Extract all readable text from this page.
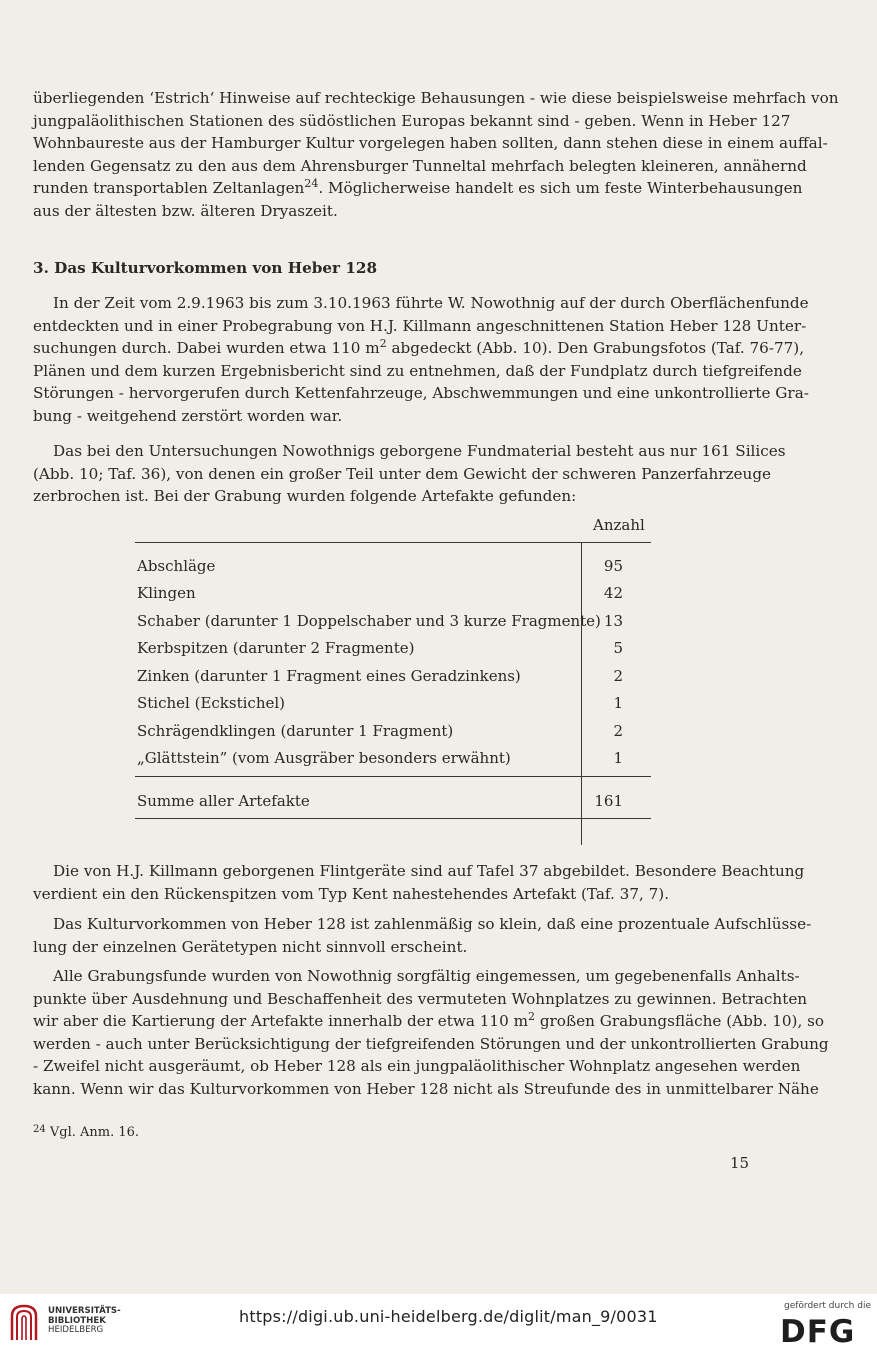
überliegenden ‘Estrich‘ Hinweise auf rechteckige Behausungen - wie diese beispielsweise mehrfach von
jungpaläolithischen Stationen des südöstlichen Europas bekannt sind - geben. Wenn in Heber 127
Wohnbaureste aus der Hamburger Kultur vorgelegen haben sollten, dann stehen diese in einem auffal-
lenden Gegensatz zu den aus dem Ahrensburger Tunneltal mehrfach belegten kleineren, annähernd
runden transportablen Zeltanlagen$^{24}$. Möglicherweise handelt es sich um feste Winterbehausungen
aus der ältesten bzw. älteren Dryaszeit.
3. Das Kulturvorkommen von Heber 128
In der Zeit vom 2.9.1963 bis zum 3.10.1963 führte W. Nowothnig auf der durch Oberflächenfunde
entdeckten und in einer Probegrabung von H.J. Killmann angeschnittenen Station Heber 128 Unter-
suchungen durch. Dabei wurden etwa 110 $m^2$ abgedeckt (Abb. 10). Den Grabungsfotos (Taf. 76-77),
Plänen und dem kurzen Ergebnisbericht sind zu entnehmen, daß der Fundplatz durch tiefgreifende
Störungen - hervorgerufen durch Kettenfahrzeuge, Abschwemmungen und eine unkontrollierte Gra-
bung - weitgehend zerstört worden war.
Das bei den Untersuchungen Nowothnigs geborgene Fundmaterial besteht aus nur 161 Silices
(Abb. 10; Taf. 36), von denen ein großer Teil unter dem Gewicht der schweren Panzerfahrzeuge
zerbrochen ist. Bei der Grabung wurden folgende Artefakte gefunden:
Anzahl
Abschläge	95
Klingen	42
Schaber (darunter 1 Doppelschaber und 3 kurze Fragmente) 13
Kerbspitzen (darunter 2 Fragmente)	5
Zinken (darunter 1 Fragment eines Geradzinkens)	2
Stichel (Eckstichel)	1
Schrägendklingen (darunter 1 Fragment)	2
„Glättstein” (vom Ausgräber besonders erwähnt)	1
Summe aller Artefakte	161
Die von H.J. Killmann geborgenen Flintgeräte sind auf Tafel 37 abgebildet. Besondere Beachtung
verdient ein den Rückenspitzen vom Typ Kent nahestehendes Artefakt (Taf. 37, 7).
Das Kulturvorkommen von Heber 128 ist zahlenmäßig so klein, daß eine prozentuale Aufschlüsse-
lung der einzelnen Gerätetypen nicht sinnvoll erscheint.
Alle Grabungsfunde wurden von Nowothnig sorgfältig eingemessen, um gegebenenfalls Anhalts-
punkte über Ausdehnung und Beschaffenheit des vermuteten Wohnplatzes zu gewinnen. Betrachten
wir aber die Kartierung der Artefakte innerhalb der etwa 110 $m^2$ großen Grabungsfläche (Abb. 10), so
werden - auch unter Berücksichtigung der tiefgreifenden Störungen und der unkontrollierten Grabung
- Zweifel nicht ausgeräumt, ob Heber 128 als ein jungpaläolithischer Wohnplatz angesehen werden
kann. Wenn wir das Kulturvorkommen von Heber 128 nicht als Streufunde des in unmittelbarer Nähe
$^{24}$ Vgl. Anm. 16.
15
UNIVERSITÄTS-
BIBLIOTHEK
HEIDELBERG
https://digi.ub.uni-heidelberg.de/diglit/man_9/0031
gefördert durch die
DFG
